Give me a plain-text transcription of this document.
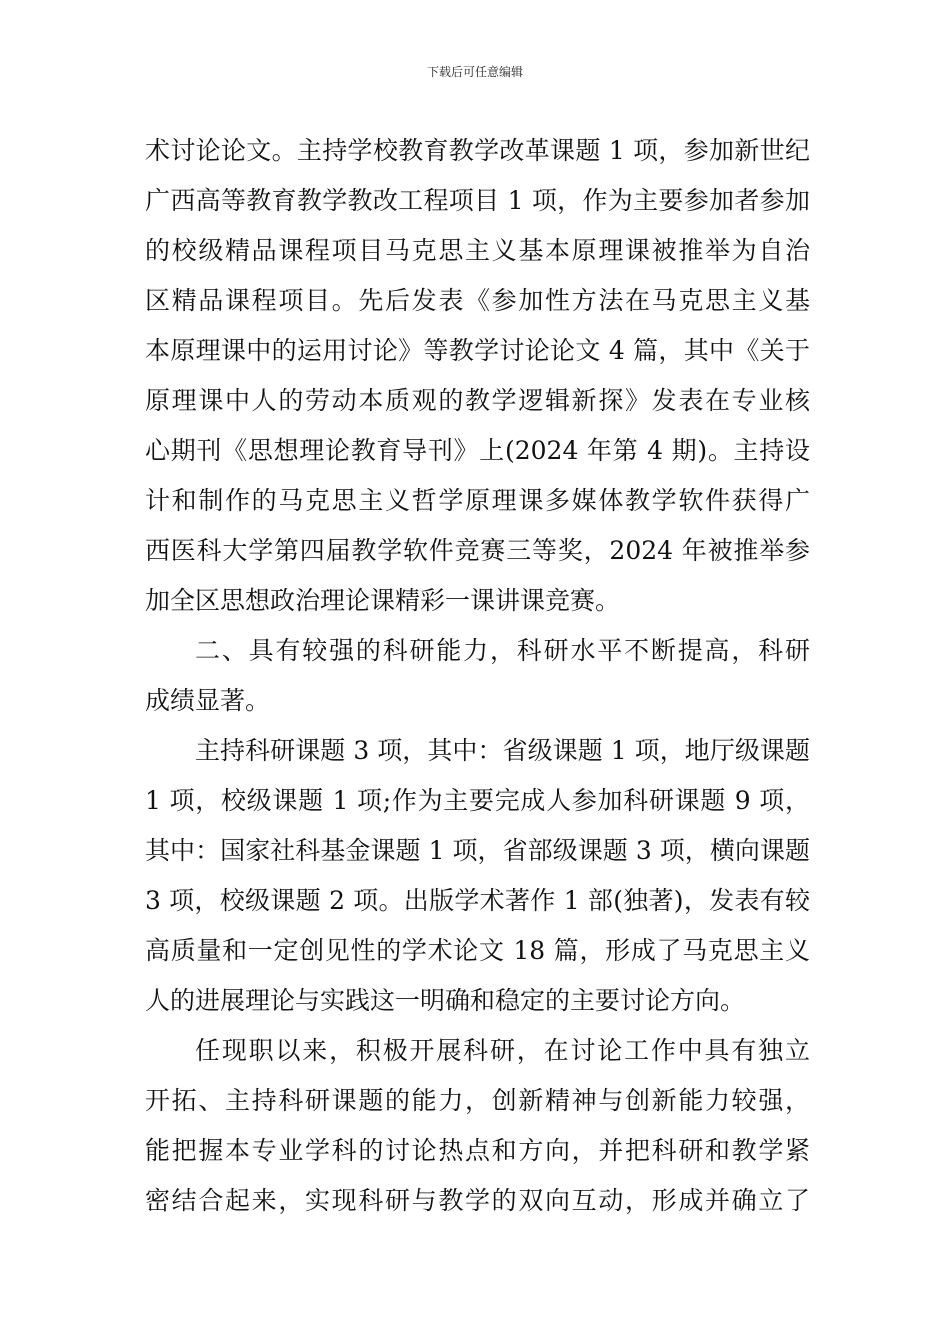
下载后可任意编辑
术讨论论文。主持学校教育教学改革课题 1 项，参加新世纪
广西高等教育教学教改工程项目 1 项，作为主要参加者参加
的校级精品课程项目马克思主义基本原理课被推举为自治
区精品课程项目。先后发表《参加性方法在马克思主义基
本原理课中的运用讨论》等教学讨论论文 4 篇，其中《关于
原理课中人的劳动本质观的教学逻辑新探》发表在专业核
心期刊《思想理论教育导刊》上(2024 年第 4 期)。主持设
计和制作的马克思主义哲学原理课多媒体教学软件获得广
西医科大学第四届教学软件竞赛三等奖，2024 年被推举参
加全区思想政治理论课精彩一课讲课竞赛。
二、具有较强的科研能力，科研水平不断提高，科研
成绩显著。
主持科研课题 3 项，其中：省级课题 1 项，地厅级课题
1 项，校级课题 1 项;作为主要完成人参加科研课题 9 项，
其中：国家社科基金课题 1 项，省部级课题 3 项，横向课题
3 项，校级课题 2 项。出版学术著作 1 部(独著)，发表有较
高质量和一定创见性的学术论文 18 篇，形成了马克思主义
人的进展理论与实践这一明确和稳定的主要讨论方向。
任现职以来，积极开展科研，在讨论工作中具有独立
开拓、主持科研课题的能力，创新精神与创新能力较强，
能把握本专业学科的讨论热点和方向，并把科研和教学紧
密结合起来，实现科研与教学的双向互动，形成并确立了
